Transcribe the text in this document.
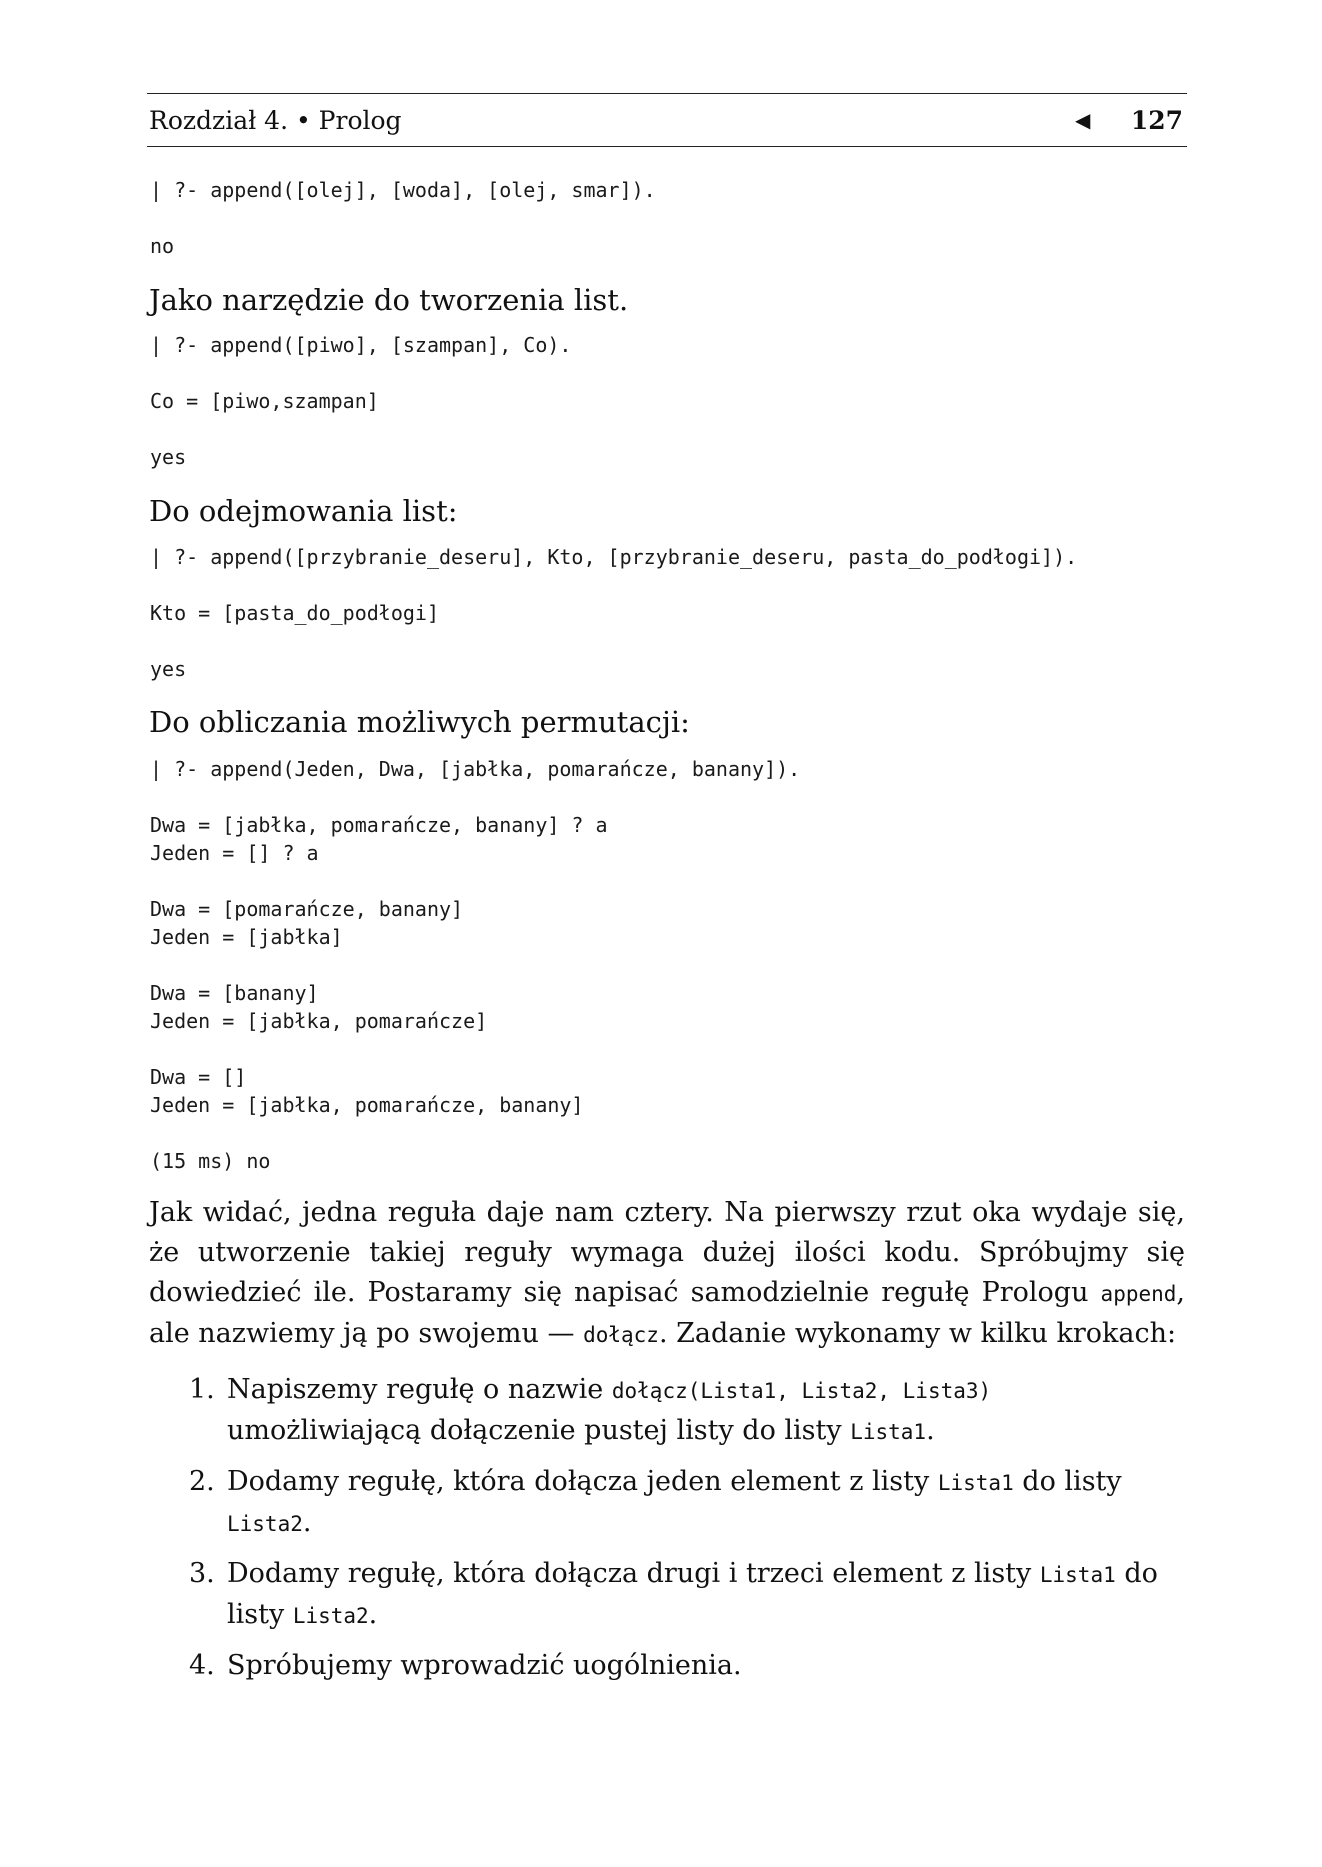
Rozdział 4. • Prolog	◀ 127
| ?- append([olej], [woda], [olej, smar]).

no
Jako narzędzie do tworzenia list.
| ?- append([piwo], [szampan], Co).

Co = [piwo,szampan]

yes
Do odejmowania list:
| ?- append([przybranie_deseru], Kto, [przybranie_deseru, pasta_do_podłogi]).

Kto = [pasta_do_podłogi]

yes
Do obliczania możliwych permutacji:
| ?- append(Jeden, Dwa, [jabłka, pomarańcze, banany]).

Dwa = [jabłka, pomarańcze, banany] ? a
Jeden = [] ? a

Dwa = [pomarańcze, banany]
Jeden = [jabłka]

Dwa = [banany]
Jeden = [jabłka, pomarańcze]

Dwa = []
Jeden = [jabłka, pomarańcze, banany]

(15 ms) no
Jak widać, jedna reguła daje nam cztery. Na pierwszy rzut oka wydaje się, że utworzenie takiej reguły wymaga dużej ilości kodu. Spróbujmy się dowiedzieć ile. Postaramy się napisać samodzielnie regułę Prologu append, ale nazwiemy ją po swojemu — dołącz. Zadanie wykonamy w kilku krokach:
1. Napiszemy regułę o nazwie dołącz(Lista1, Lista2, Lista3) umożliwiającą dołączenie pustej listy do listy Lista1.
2. Dodamy regułę, która dołącza jeden element z listy Lista1 do listy Lista2.
3. Dodamy regułę, która dołącza drugi i trzeci element z listy Lista1 do listy Lista2.
4. Spróbujemy wprowadzić uogólnienia.
